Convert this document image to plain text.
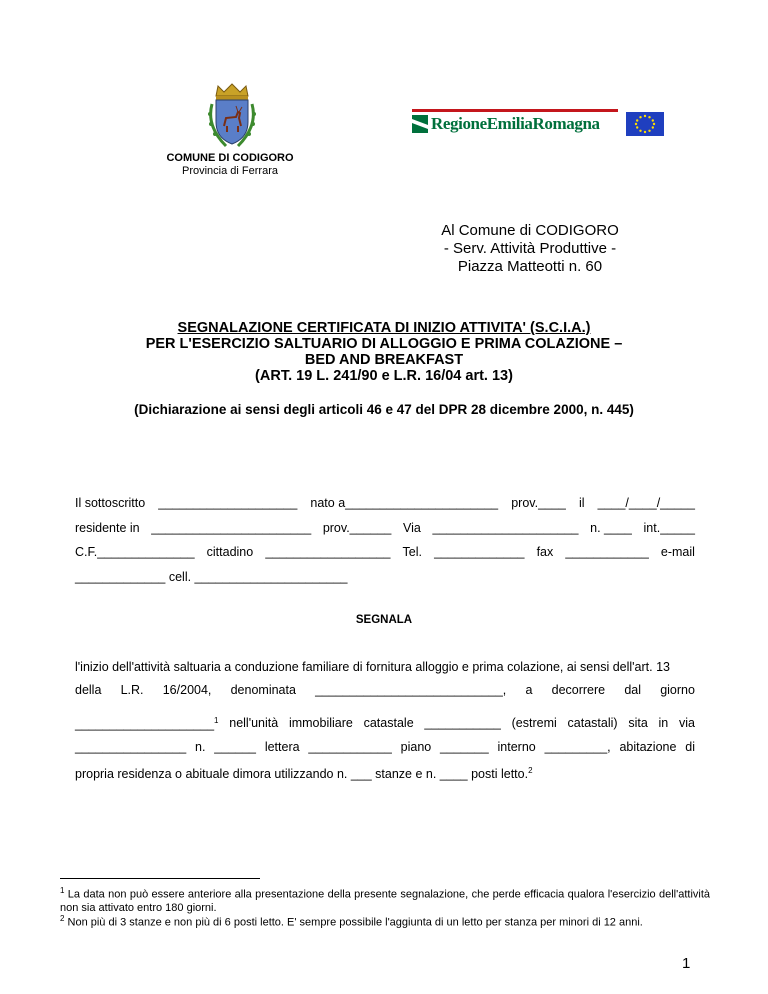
COMUNE DI CODIGORO
Provincia di Ferrara
RegioneEmiliaRomagna
Al Comune di CODIGORO
- Serv. Attività Produttive -
Piazza Matteotti n. 60
SEGNALAZIONE CERTIFICATA DI INIZIO ATTIVITA' (S.C.I.A.)
PER L'ESERCIZIO SALTUARIO DI ALLOGGIO E PRIMA COLAZIONE –
BED AND BREAKFAST
(ART. 19 L. 241/90 e L.R. 16/04 art. 13)
(Dichiarazione ai sensi degli articoli 46 e 47 del DPR 28 dicembre 2000, n. 445)
Il sottoscritto ____________________ nato a______________________ prov.____ il ____/____/_____
residente in _______________________ prov.______ Via _____________________ n. ____ int._____
C.F.______________ cittadino __________________ Tel. _____________ fax ____________ e-mail
_____________ cell. ______________________
SEGNALA
l'inizio dell'attività saltuaria a conduzione familiare di fornitura alloggio e prima colazione, ai sensi dell'art. 13
della L.R. 16/2004, denominata ___________________________, a decorrere dal giorno
____________________$^1$ nell'unità immobiliare catastale ___________ (estremi catastali) sita in via
________________ n. ______ lettera ____________ piano _______ interno _________, abitazione di
propria residenza o abituale dimora utilizzando n. ___ stanze e n. ____ posti letto.$^2$
$^1$ La data non può essere anteriore alla presentazione della presente segnalazione, che perde efficacia qualora l'esercizio dell'attività non sia attivato entro 180 giorni.
$^2$ Non più di 3 stanze e non più di 6 posti letto. E' sempre possibile l'aggiunta di un letto per stanza per minori di 12 anni.
1
